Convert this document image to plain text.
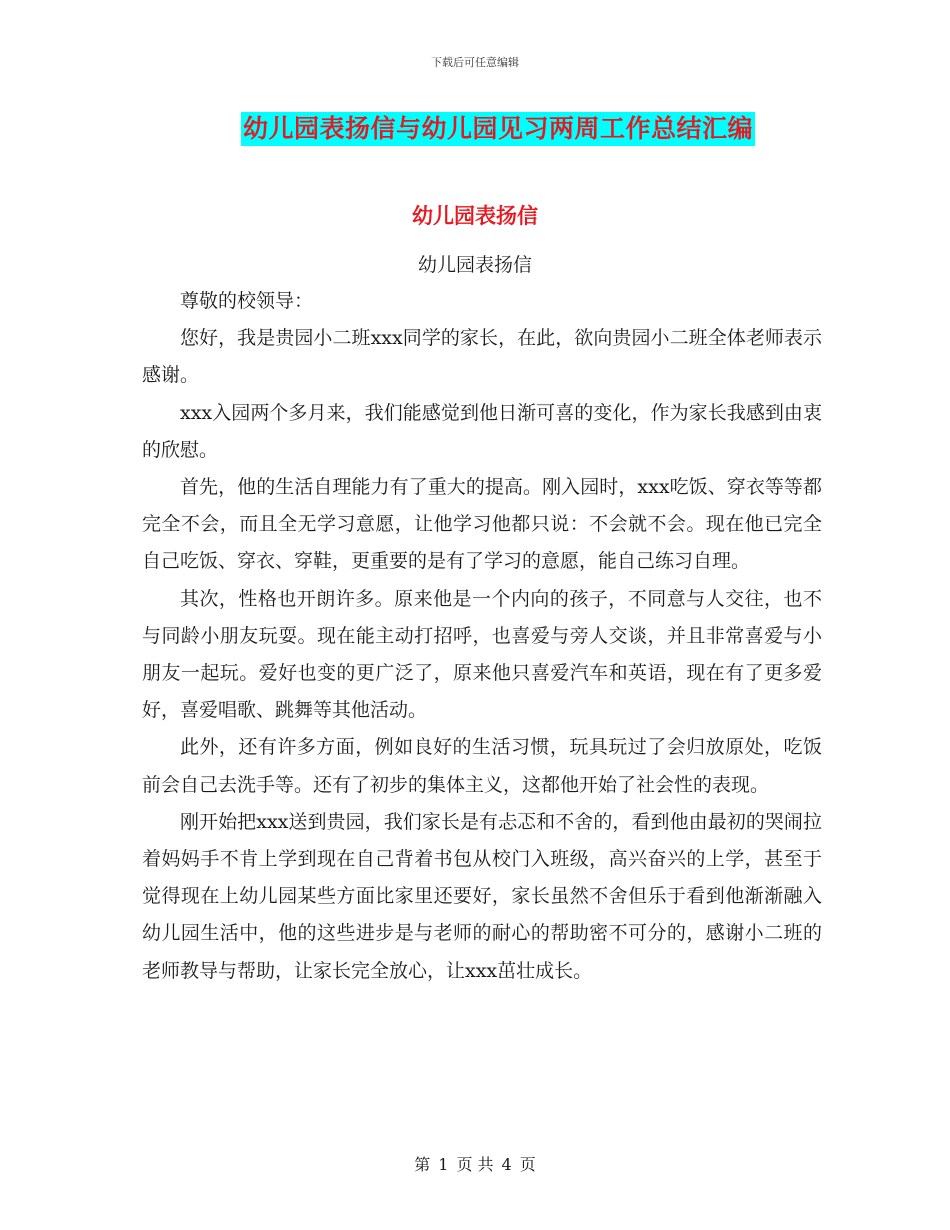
下载后可任意编辑
幼儿园表扬信与幼儿园见习两周工作总结汇编
幼儿园表扬信
幼儿园表扬信

尊敬的校领导：

您好，我是贵园小二班xxx同学的家长，在此，欲向贵园小二班全体老师表示感谢。

xxx入园两个多月来，我们能感觉到他日渐可喜的变化，作为家长我感到由衷的欣慰。

首先，他的生活自理能力有了重大的提高。刚入园时，xxx吃饭、穿衣等等都完全不会，而且全无学习意愿，让他学习他都只说：不会就不会。现在他已完全自己吃饭、穿衣、穿鞋，更重要的是有了学习的意愿，能自己练习自理。

其次，性格也开朗许多。原来他是一个内向的孩子，不同意与人交往，也不与同龄小朋友玩耍。现在能主动打招呼，也喜爱与旁人交谈，并且非常喜爱与小朋友一起玩。爱好也变的更广泛了，原来他只喜爱汽车和英语，现在有了更多爱好，喜爱唱歌、跳舞等其他活动。

此外，还有许多方面，例如良好的生活习惯，玩具玩过了会归放原处，吃饭前会自己去洗手等。还有了初步的集体主义，这都他开始了社会性的表现。

刚开始把xxx送到贵园，我们家长是有忐忑和不舍的，看到他由最初的哭闹拉着妈妈手不肯上学到现在自己背着书包从校门入班级，高兴奋兴的上学，甚至于觉得现在上幼儿园某些方面比家里还要好，家长虽然不舍但乐于看到他渐渐融入幼儿园生活中，他的这些进步是与老师的耐心的帮助密不可分的，感谢小二班的老师教导与帮助，让家长完全放心，让xxx茁壮成长。

第 1 页 共 4 页
